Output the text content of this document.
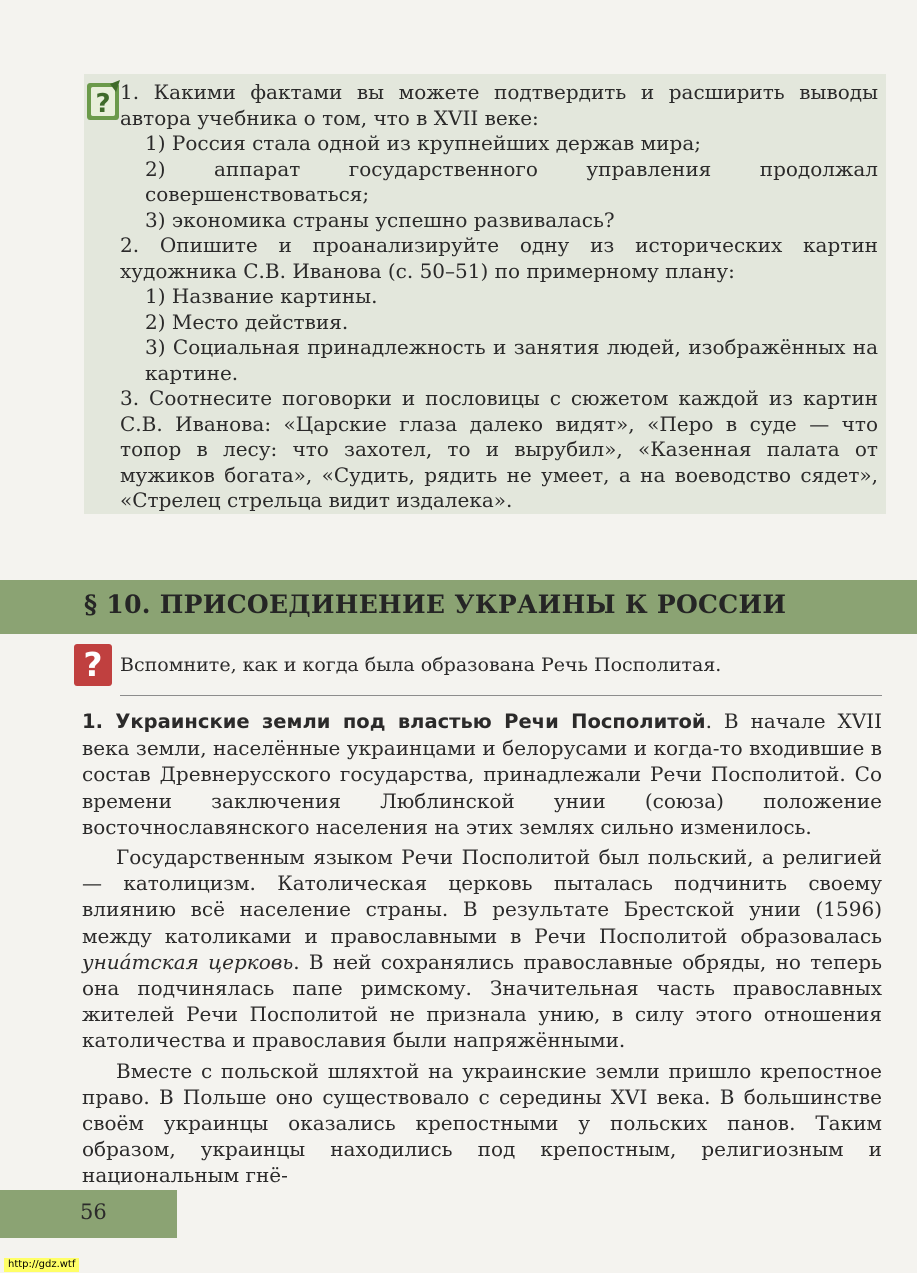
? 1. Какими фактами вы можете подтвердить и расширить выводы автора учебника о том, что в XVII веке:

1) Россия стала одной из крупнейших держав мира;

2) аппарат государственного управления продолжал совершенствоваться;

3) экономика страны успешно развивалась?

2. Опишите и проанализируйте одну из исторических картин художника С.В. Иванова (с. 50–51) по примерному плану:

1) Название картины.

2) Место действия.

3) Социальная принадлежность и занятия людей, изображённых на картине.

3. Соотнесите поговорки и пословицы с сюжетом каждой из картин С.В. Иванова: «Царские глаза далеко видят», «Перо в суде — что топор в лесу: что захотел, то и вырубил», «Казенная палата от мужиков богата», «Судить, рядить не умеет, а на воеводство сядет», «Стрелец стрельца видит издалека».

§ 10. ПРИСОЕДИНЕНИЕ УКРАИНЫ К РОССИИ
? Вспомните, как и когда была образована Речь Посполитая.

1. Украинские земли под властью Речи Посполитой. В начале XVII века земли, населённые украинцами и белорусами и когда-то входившие в состав Древнерусского государства, принадлежали Речи Посполитой. Со времени заключения Люблинской унии (союза) положение восточнославянского населения на этих землях сильно изменилось.

Государственным языком Речи Посполитой был польский, а религией — католицизм. Католическая церковь пыталась подчинить своему влиянию всё население страны. В результате Брестской унии (1596) между католиками и православными в Речи Посполитой образовалась униáтская церковь. В ней сохранялись православные обряды, но теперь она подчинялась папе римскому. Значительная часть православных жителей Речи Посполитой не признала унию, в силу этого отношения католичества и православия были напряжёнными.

Вместе с польской шляхтой на украинские земли пришло крепостное право. В Польше оно существовало с середины XVI века. В большинстве своём украинцы оказались крепостными у польских панов. Таким образом, украинцы находились под крепостным, религиозным и национальным гнё-

56
http://gdz.wtf
